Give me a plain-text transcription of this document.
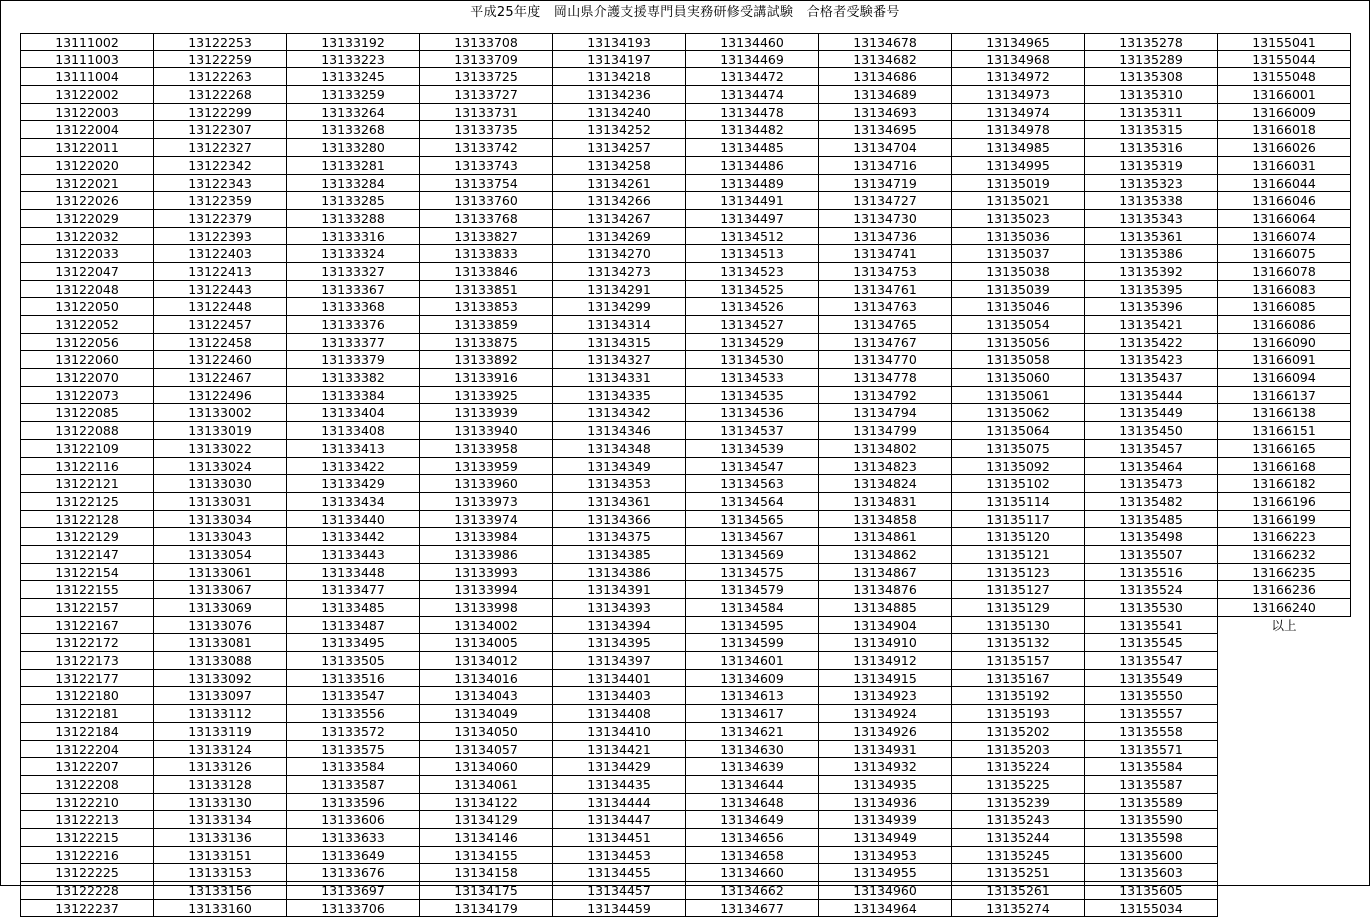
平成25年度　岡山県介護支援専門員実務研修受講試験　合格者受験番号
13111002
13111003
13111004
13122002
13122003
13122004
13122011
13122020
13122021
13122026
13122029
13122032
13122033
13122047
13122048
13122050
13122052
13122056
13122060
13122070
13122073
13122085
13122088
13122109
13122116
13122121
13122125
13122128
13122129
13122147
13122154
13122155
13122157
13122167
13122172
13122173
13122177
13122180
13122181
13122184
13122204
13122207
13122208
13122210
13122213
13122215
13122216
13122225
13122228
13122237
13122253
13122259
13122263
13122268
13122299
13122307
13122327
13122342
13122343
13122359
13122379
13122393
13122403
13122413
13122443
13122448
13122457
13122458
13122460
13122467
13122496
13133002
13133019
13133022
13133024
13133030
13133031
13133034
13133043
13133054
13133061
13133067
13133069
13133076
13133081
13133088
13133092
13133097
13133112
13133119
13133124
13133126
13133128
13133130
13133134
13133136
13133151
13133153
13133156
13133160
13133192
13133223
13133245
13133259
13133264
13133268
13133280
13133281
13133284
13133285
13133288
13133316
13133324
13133327
13133367
13133368
13133376
13133377
13133379
13133382
13133384
13133404
13133408
13133413
13133422
13133429
13133434
13133440
13133442
13133443
13133448
13133477
13133485
13133487
13133495
13133505
13133516
13133547
13133556
13133572
13133575
13133584
13133587
13133596
13133606
13133633
13133649
13133676
13133697
13133706
13133708
13133709
13133725
13133727
13133731
13133735
13133742
13133743
13133754
13133760
13133768
13133827
13133833
13133846
13133851
13133853
13133859
13133875
13133892
13133916
13133925
13133939
13133940
13133958
13133959
13133960
13133973
13133974
13133984
13133986
13133993
13133994
13133998
13134002
13134005
13134012
13134016
13134043
13134049
13134050
13134057
13134060
13134061
13134122
13134129
13134146
13134155
13134158
13134175
13134179
13134193
13134197
13134218
13134236
13134240
13134252
13134257
13134258
13134261
13134266
13134267
13134269
13134270
13134273
13134291
13134299
13134314
13134315
13134327
13134331
13134335
13134342
13134346
13134348
13134349
13134353
13134361
13134366
13134375
13134385
13134386
13134391
13134393
13134394
13134395
13134397
13134401
13134403
13134408
13134410
13134421
13134429
13134435
13134444
13134447
13134451
13134453
13134455
13134457
13134459
13134460
13134469
13134472
13134474
13134478
13134482
13134485
13134486
13134489
13134491
13134497
13134512
13134513
13134523
13134525
13134526
13134527
13134529
13134530
13134533
13134535
13134536
13134537
13134539
13134547
13134563
13134564
13134565
13134567
13134569
13134575
13134579
13134584
13134595
13134599
13134601
13134609
13134613
13134617
13134621
13134630
13134639
13134644
13134648
13134649
13134656
13134658
13134660
13134662
13134677
13134678
13134682
13134686
13134689
13134693
13134695
13134704
13134716
13134719
13134727
13134730
13134736
13134741
13134753
13134761
13134763
13134765
13134767
13134770
13134778
13134792
13134794
13134799
13134802
13134823
13134824
13134831
13134858
13134861
13134862
13134867
13134876
13134885
13134904
13134910
13134912
13134915
13134923
13134924
13134926
13134931
13134932
13134935
13134936
13134939
13134949
13134953
13134955
13134960
13134964
13134965
13134968
13134972
13134973
13134974
13134978
13134985
13134995
13135019
13135021
13135023
13135036
13135037
13135038
13135039
13135046
13135054
13135056
13135058
13135060
13135061
13135062
13135064
13135075
13135092
13135102
13135114
13135117
13135120
13135121
13135123
13135127
13135129
13135130
13135132
13135157
13135167
13135192
13135193
13135202
13135203
13135224
13135225
13135239
13135243
13135244
13135245
13135251
13135261
13135274
13135278
13135289
13135308
13135310
13135311
13135315
13135316
13135319
13135323
13135338
13135343
13135361
13135386
13135392
13135395
13135396
13135421
13135422
13135423
13135437
13135444
13135449
13135450
13135457
13135464
13135473
13135482
13135485
13135498
13135507
13135516
13135524
13135530
13135541
13135545
13135547
13135549
13135550
13135557
13135558
13135571
13135584
13135587
13135589
13135590
13135598
13135600
13135603
13135605
13155034
13155041
13155044
13155048
13166001
13166009
13166018
13166026
13166031
13166044
13166046
13166064
13166074
13166075
13166078
13166083
13166085
13166086
13166090
13166091
13166094
13166137
13166138
13166151
13166165
13166168
13166182
13166196
13166199
13166223
13166232
13166235
13166236
13166240
以上
